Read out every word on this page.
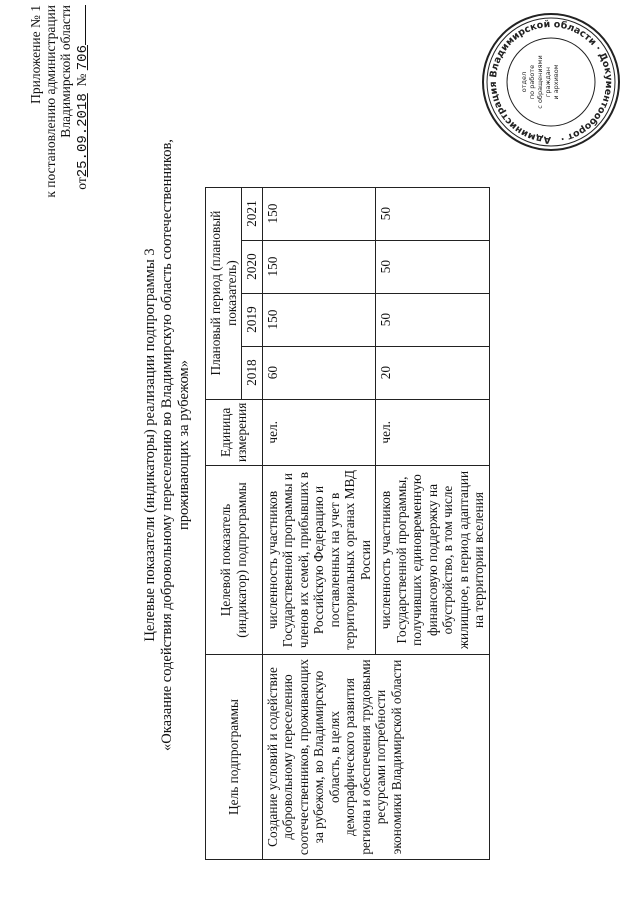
Приложение № 1 к постановлению администрации Владимирской области
от25.09.2018  № 706
Целевые показатели (индикаторы) реализации подпрограммы 3 «Оказание содействия добровольному переселению во Владимирскую область соотечественников, проживающих за рубежом»
Цель подпрограммы	Целевой показатель (индикатор) подпрограммы	Единица измерения	Плановый период (плановый показатель)			
			2018	2019	2020	2021
Создание условий и содействие добровольному переселению соотечественников, проживающих за рубежом, во Владимирскую область, в целях демографического развития региона и обеспечения трудовыми ресурсами потребности экономики Владимирской области	численность участников Государственной программы и членов их семей, прибывших в Российскую Федерацию и поставленных на учет в территориальных органах МВД России	чел.	60	150	150	150
	численность участников Государственной программы, получивших единовременную финансовую поддержку на обустройство, в том числе жилищное, в период адаптации на территории вселения	чел.	20	50	50	50
Администрация Владимирской области · Документооборот ·
отдел по работе с обращениями граждан и архивом
